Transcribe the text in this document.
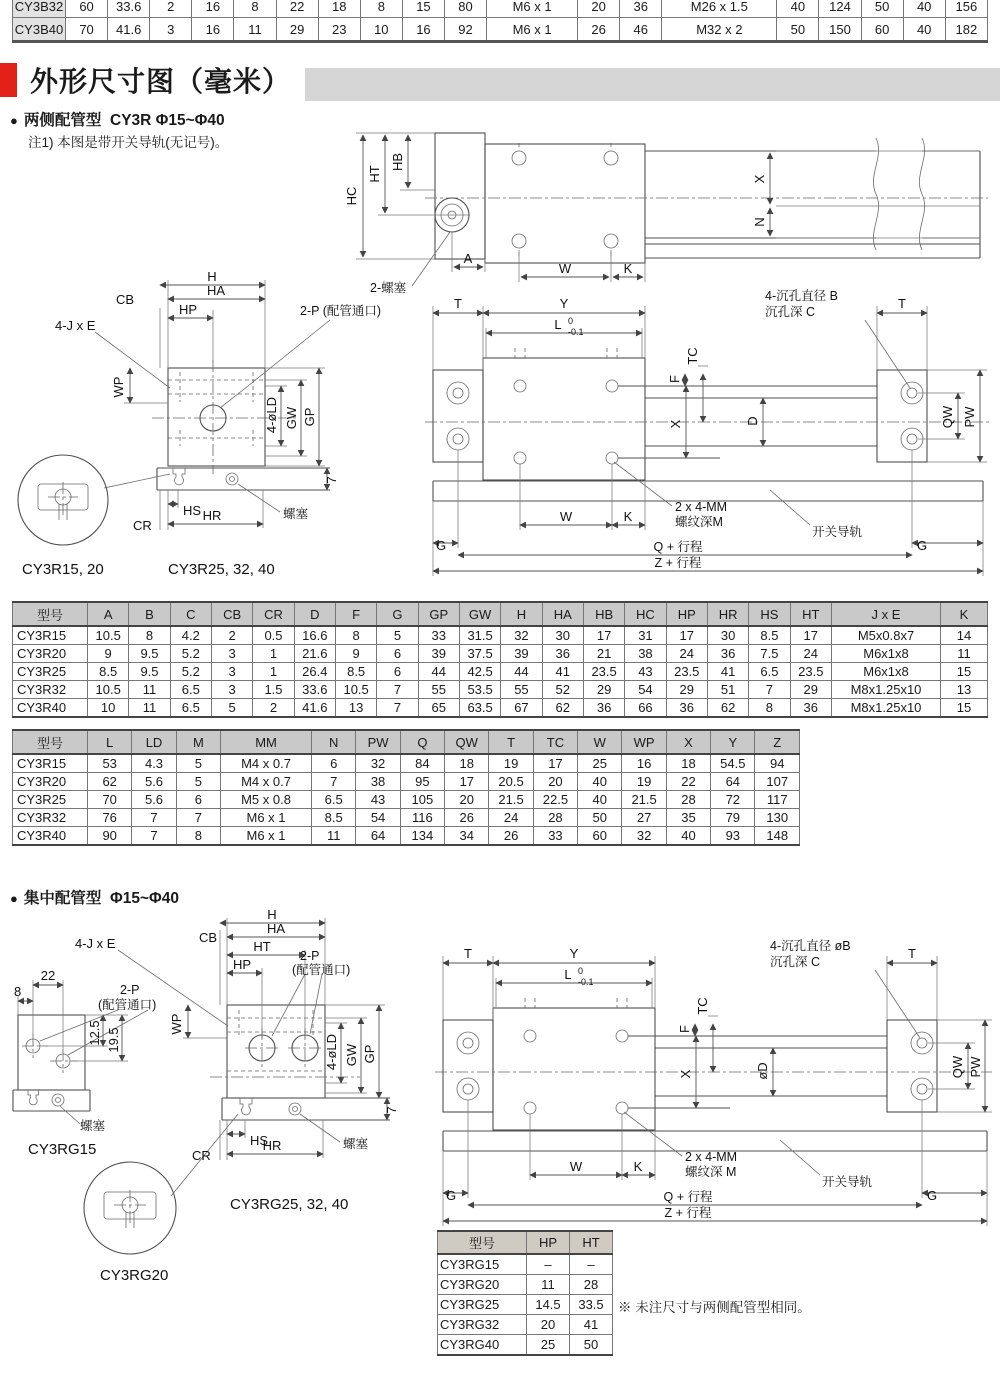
CY3B32	60	33.6	2	16	8	22	18	8	15	80	M6 x 1	20	36	M26 x 1.5	40	124	50	40	156
CY3B40	70	41.6	3	16	11	29	23	10	16	92	M6 x 1	26	46	M32 x 2	50	150	60	40	182
外形尺寸图（毫米）
● 两侧配管型 CY3R Φ15~Φ40
注1) 本图是带开关导轨(无记号)。
HC
HT
HB
X
N
A
W	K
2-螺塞
H
CB
HA
HP
4-J x E
2-P (配管通口)
WP
4-øLD GW GP
HS
CR
HR	螺塞
7
CY3R15, 20	CY3R25, 32, 40
T	Y
L 0
-0.1
T
4-沉孔直径 B
沉孔深 C
TC
F
X	D	QW PW
W	K
G	G
Q + 行程
Z + 行程
2 x 4-MM
螺纹深M
开关导轨
型号	A	B	C	CB	CR	D	F	G	GP	GW	H	HA	HB	HC	HP	HR	HS	HT	J x E	K
CY3R15	10.5	8	4.2	2	0.5	16.6	8	5	33	31.5	32	30	17	31	17	30	8.5	17	M5x0.8x7	14
CY3R20	9	9.5	5.2	3	1	21.6	9	6	39	37.5	39	36	21	38	24	36	7.5	24	M6x1x8	11
CY3R25	8.5	9.5	5.2	3	1	26.4	8.5	6	44	42.5	44	41	23.5	43	23.5	41	6.5	23.5	M6x1x8	15
CY3R32	10.5	11	6.5	3	1.5	33.6	10.5	7	55	53.5	55	52	29	54	29	51	7	29	M8x1.25x10	13
CY3R40	10	11	6.5	5	2	41.6	13	7	65	63.5	67	62	36	66	36	62	8	36	M8x1.25x10	15
型号	L	LD	M	MM	N	PW	Q	QW	T	TC	W	WP	X	Y	Z
CY3R15	53	4.3	5	M4 x 0.7	6	32	84	18	19	17	25	16	18	54.5	94
CY3R20	62	5.6	5	M4 x 0.7	7	38	95	17	20.5	20	40	19	22	64	107
CY3R25	70	5.6	6	M5 x 0.8	6.5	43	105	20	21.5	22.5	40	21.5	28	72	117
CY3R32	76	7	7	M6 x 1	8.5	54	116	26	24	28	50	27	35	79	130
CY3R40	90	7	8	M6 x 1	11	64	134	34	26	33	60	32	40	93	148
● 集中配管型 Φ15~Φ40
22
8	2-P
(配管通口)
12.5 19.5
螺塞
CY3RG15
4-J x E	CB
HA
H
HT
HP
2-P
(配管通口)
WP
4-øLD GW GP
HS
CR
HR	螺塞
7
CY3RG25, 32, 40
CY3RG20
T	Y
L 0
-0.1
T
4-沉孔直径 øB
沉孔深 C
TC
F
X	øD	QW PW
W	K
G	G
Q + 行程
Z + 行程
2 x 4-MM
螺纹深 M
开关导轨
型号	HP	HT
CY3RG15	–	–
CY3RG20	11	28
CY3RG25	14.5	33.5
CY3RG32	20	41
CY3RG40	25	50
※ 未注尺寸与两侧配管型相同。
